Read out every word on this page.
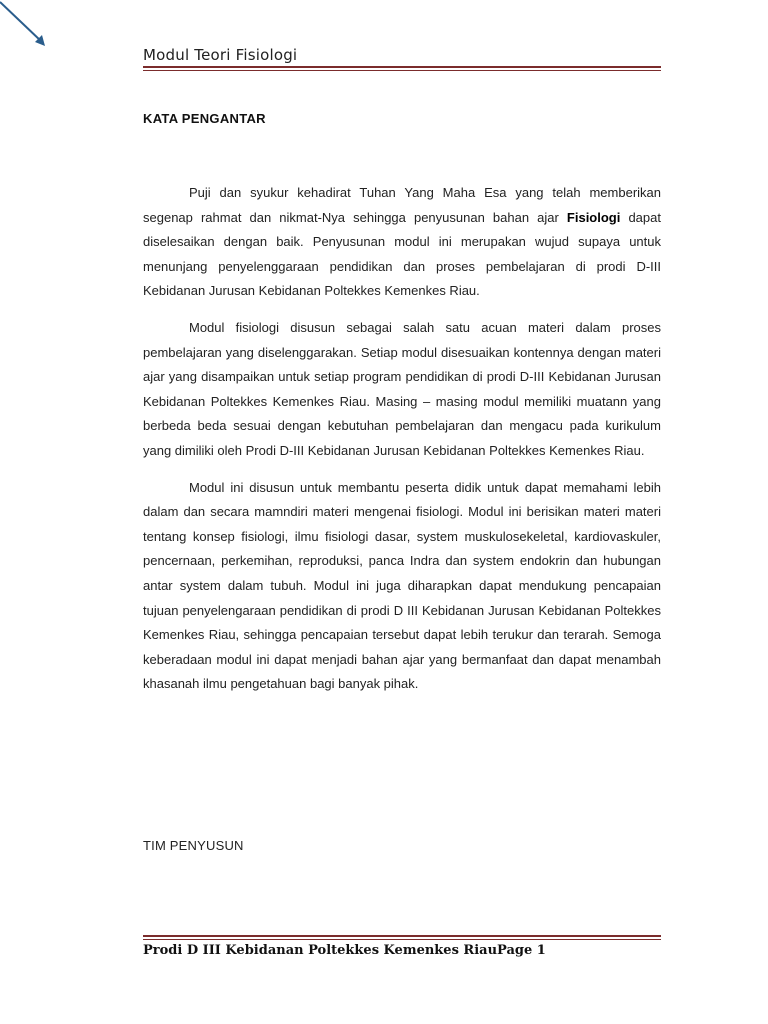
Modul Teori Fisiologi
KATA PENGANTAR

Puji dan syukur kehadirat Tuhan Yang Maha Esa yang telah memberikan segenap rahmat dan nikmat-Nya sehingga penyusunan bahan ajar Fisiologi dapat diselesaikan dengan baik. Penyusunan modul ini merupakan wujud supaya untuk menunjang penyelenggaraan pendidikan dan proses pembelajaran di prodi D-III Kebidanan Jurusan Kebidanan Poltekkes Kemenkes Riau.

Modul fisiologi disusun sebagai salah satu acuan materi dalam proses pembelajaran yang diselenggarakan. Setiap modul disesuaikan kontennya dengan materi ajar yang disampaikan untuk setiap program pendidikan di prodi D-III Kebidanan Jurusan Kebidanan Poltekkes Kemenkes Riau. Masing – masing modul memiliki muatann yang berbeda beda sesuai dengan kebutuhan pembelajaran dan mengacu pada kurikulum yang dimiliki oleh Prodi D-III Kebidanan Jurusan Kebidanan Poltekkes Kemenkes Riau.

Modul ini disusun untuk membantu peserta didik untuk dapat memahami lebih dalam dan secara mamndiri materi mengenai fisiologi. Modul ini berisikan materi materi tentang konsep fisiologi, ilmu fisiologi dasar, system muskulosekeletal, kardiovaskuler, pencernaan, perkemihan, reproduksi, panca Indra dan system endokrin dan hubungan antar system dalam tubuh. Modul ini juga diharapkan dapat mendukung pencapaian tujuan penyelengaraan pendidikan di prodi D III Kebidanan Jurusan Kebidanan Poltekkes Kemenkes Riau, sehingga pencapaian tersebut dapat lebih terukur dan terarah. Semoga keberadaan modul ini dapat menjadi bahan ajar yang bermanfaat dan dapat menambah khasanah ilmu pengetahuan bagi banyak pihak.

TIM PENYUSUN
Prodi D III Kebidanan Poltekkes Kemenkes RiauPage 1
